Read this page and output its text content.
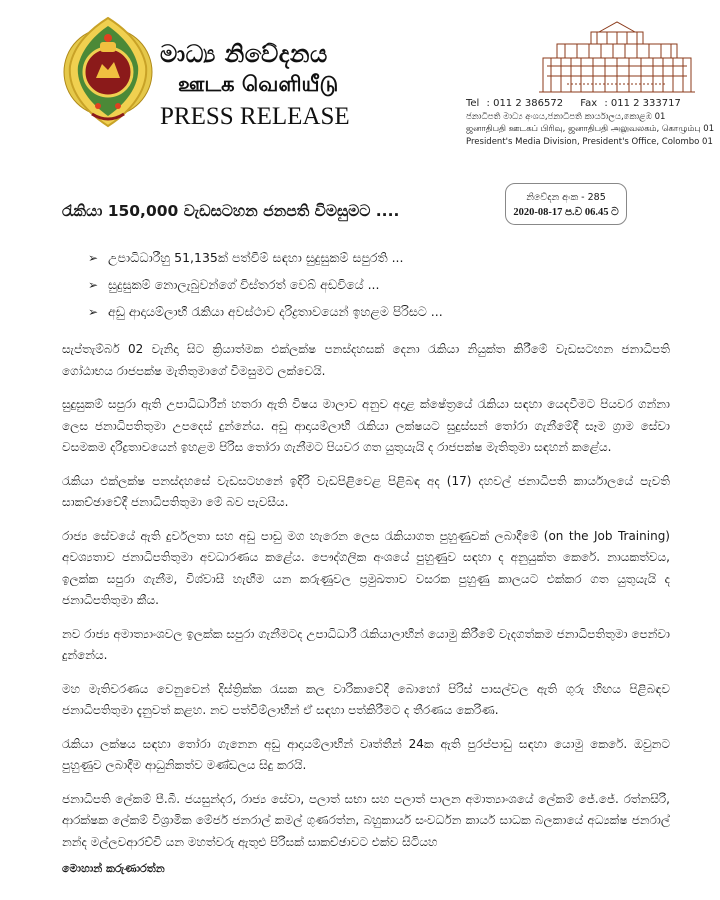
මාධ්‍ය නිවේදනය
ஊடக வெளியீடு
PRESS RELEASE	Tel : 011 2 386572 Fax : 011 2 333717
ජනාධිපති මාධ්‍ය අංශය,ජනාධිපති කාර්යාලය,කොළඹ 01
ஜனாதிபதி ஊடகப் பிரிவு, ஜனாதிபதி அலுவலகம், கொழும்பு 01
President's Media Division, President's Office, Colombo 01
නිවේදන අංක - 285
2020-08-17 ප.ව 06.45 ට
රැකියා 150,000 වැඩසටහන ජනපති විමසුමට ....
➢ උපාධිධාරීහු 51,135ක් පත්වීම් සඳහා සුදුසුකම් සපුරති ...
➢ සුදුසුකම් නොලැබුවන්ගේ විස්තරත් වෙබ් අඩවියේ ...
➢ අඩු ආදායම්ලාභී රැකියා අවස්ථාව දරිද්‍රතාවයෙන් ඉහළම පිරිසට ...

සැප්තැම්බර් 02 වැනිදා සිට ක්‍රියාත්මක එක්ලක්ෂ පනස්දහසක් දෙනා රැකියා නියුක්ත කිරීමේ වැඩසටහන ජනාධිපති ගෝඨාභය රාජපක්ෂ මැතිතුමාගේ විමසුමට ලක්වෙයි.

සුදුසුකම් සපුරා ඇති උපාධිධාරීන් හතරා ඇති විෂය මාලාව අනුව අදාළ ක්ෂේත්‍රයේ රැකියා සඳහා යෙදවීමට පියවර ගන්නා ලෙස ජනාධිපතිතුමා උපදෙස් දුන්නේය. අඩු ආදායම්ලාභී රැකියා ලක්ෂයට සුදුස්සන් තෝරා ගැනීමේදී සෑම ග්‍රාම සේවා වසමකම දරිද්‍රතාවයෙන් ඉහළම පිරිස තෝරා ගැනීමට පියවර ගත යුතුයැයි ද රාජපක්ෂ මැතිතුමා සඳහන් කළේය.

රැකියා එක්ලක්ෂ පනස්දහසේ වැඩසටහනේ ඉදිරි වැඩපිළිවෙළ පිළිබඳ අද (17) දහවල් ජනාධිපති කාර්යාලයේ පැවති සාකච්ඡාවේදී ජනාධිපතිතුමා මේ බව පැවසීය.

රාජ්‍ය සේවයේ ඇති දුර්වලතා සහ අඩු පාඩු මග හැරෙන ලෙස රැකියාගත පුහුණුවක් ලබාදීමේ (on the Job Training) අවශ්‍යතාව ජනාධිපතිතුමා අවධාරණය කළේය. පෞද්ගලික අංශයේ පුහුණුව සඳහා ද අනුයුක්ත කෙරේ. නායකත්වය, ඉලක්ක සපුරා ගැනීම, විශ්වාසී හැඟීම යන කරුණුවල ප්‍රමුඛතාව වසරක පුහුණු කාලයට එක්කර ගත යුතුයැයි ද ජනාධිපතිතුමා කීය.

නව රාජ්‍ය අමාත්‍යාංශවල ඉලක්ක සපුරා ගැනීමටද උපාධිධාරී රැකියාලාභීන් යොමු කිරීමේ වැදගත්කම ජනාධිපතිතුමා පෙන්වා දුන්නේය.

මහ මැතිවරණය වෙනුවෙන් දිස්ත්‍රික්ක රැසක කල වාරිකාවේදී බොහෝ පිරිස් පාසල්වල ඇති ගුරු හිඟය පිළිබඳව ජනාධිපතිතුමා දැනුවත් කළහ. නව පත්වීම්ලාභීන් ඒ සඳහා පත්කිරීමට ද තීරණය කෙරිණ.

රැකියා ලක්ෂය සඳහා තෝරා ගැනෙන අඩු ආදායම්ලාභීන් වෘත්තීන් 24ක ඇති පුරප්පාඩු සඳහා යොමු කෙරේ. ඔවුනට පුහුණුව ලබාදීම ආධුනිකත්ව මණ්ඩලය සිදු කරයි.

ජනාධිපති ලේකම් පී.බී. ජයසුන්දර, රාජ්‍ය සේවා, පලාත් සභා සහ පලාත් පාලන අමාත්‍යාංශයේ ලේකම් ජේ.ජේ. රත්නසිරි, ආරක්ෂක ලේකම් විශ්‍රාමික මේජර් ජනරාල් කමල් ගුණරත්න, බහුකාර්ය සංවර්ධන කාර්ය සාධක බලකායේ අධ්‍යක්ෂ ජනරාල් නන්ද මල්ලවආරච්චි යන මහත්වරු ඇතුළු පිරිසක් සාකච්ඡාවට එක්ව සිටියහ

මොහාන් කරුණාරත්න
